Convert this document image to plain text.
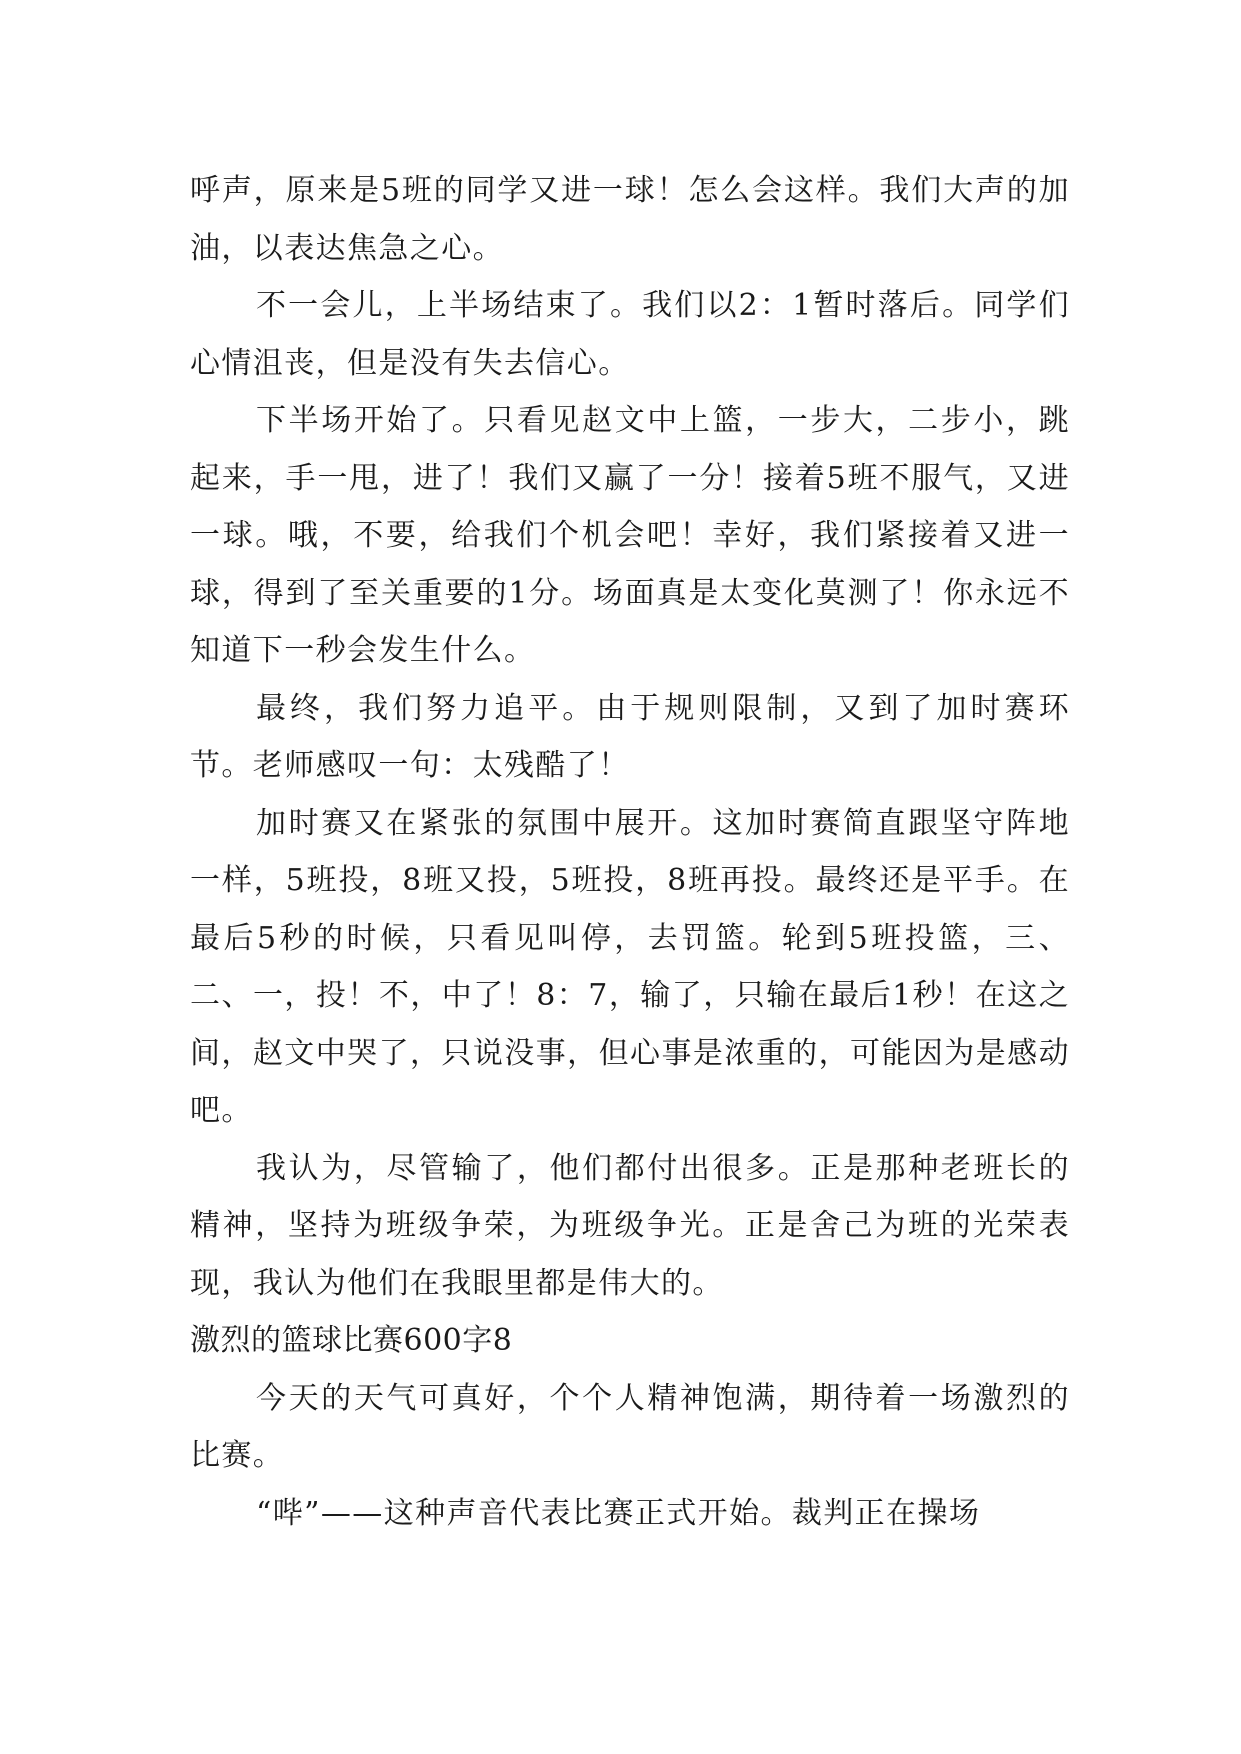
呼声，原来是5班的同学又进一球！怎么会这样。我们大声的加油，以表达焦急之心。

不一会儿，上半场结束了。我们以2：1暂时落后。同学们心情沮丧，但是没有失去信心。

下半场开始了。只看见赵文中上篮，一步大，二步小，跳起来，手一甩，进了！我们又赢了一分！接着5班不服气，又进一球。哦，不要，给我们个机会吧！幸好，我们紧接着又进一球，得到了至关重要的1分。场面真是太变化莫测了！你永远不知道下一秒会发生什么。

最终，我们努力追平。由于规则限制，又到了加时赛环节。老师感叹一句：太残酷了！

加时赛又在紧张的氛围中展开。这加时赛简直跟坚守阵地一样，5班投，8班又投，5班投，8班再投。最终还是平手。在最后5秒的时候，只看见叫停，去罚篮。轮到5班投篮，三、二、一，投！不，中了！8：7，输了，只输在最后1秒！在这之间，赵文中哭了，只说没事，但心事是浓重的，可能因为是感动吧。

我认为，尽管输了，他们都付出很多。正是那种老班长的精神，坚持为班级争荣，为班级争光。正是舍己为班的光荣表现，我认为他们在我眼里都是伟大的。

激烈的篮球比赛600字8

今天的天气可真好，个个人精神饱满，期待着一场激烈的比赛。

“哔”——这种声音代表比赛正式开始。裁判正在操场
